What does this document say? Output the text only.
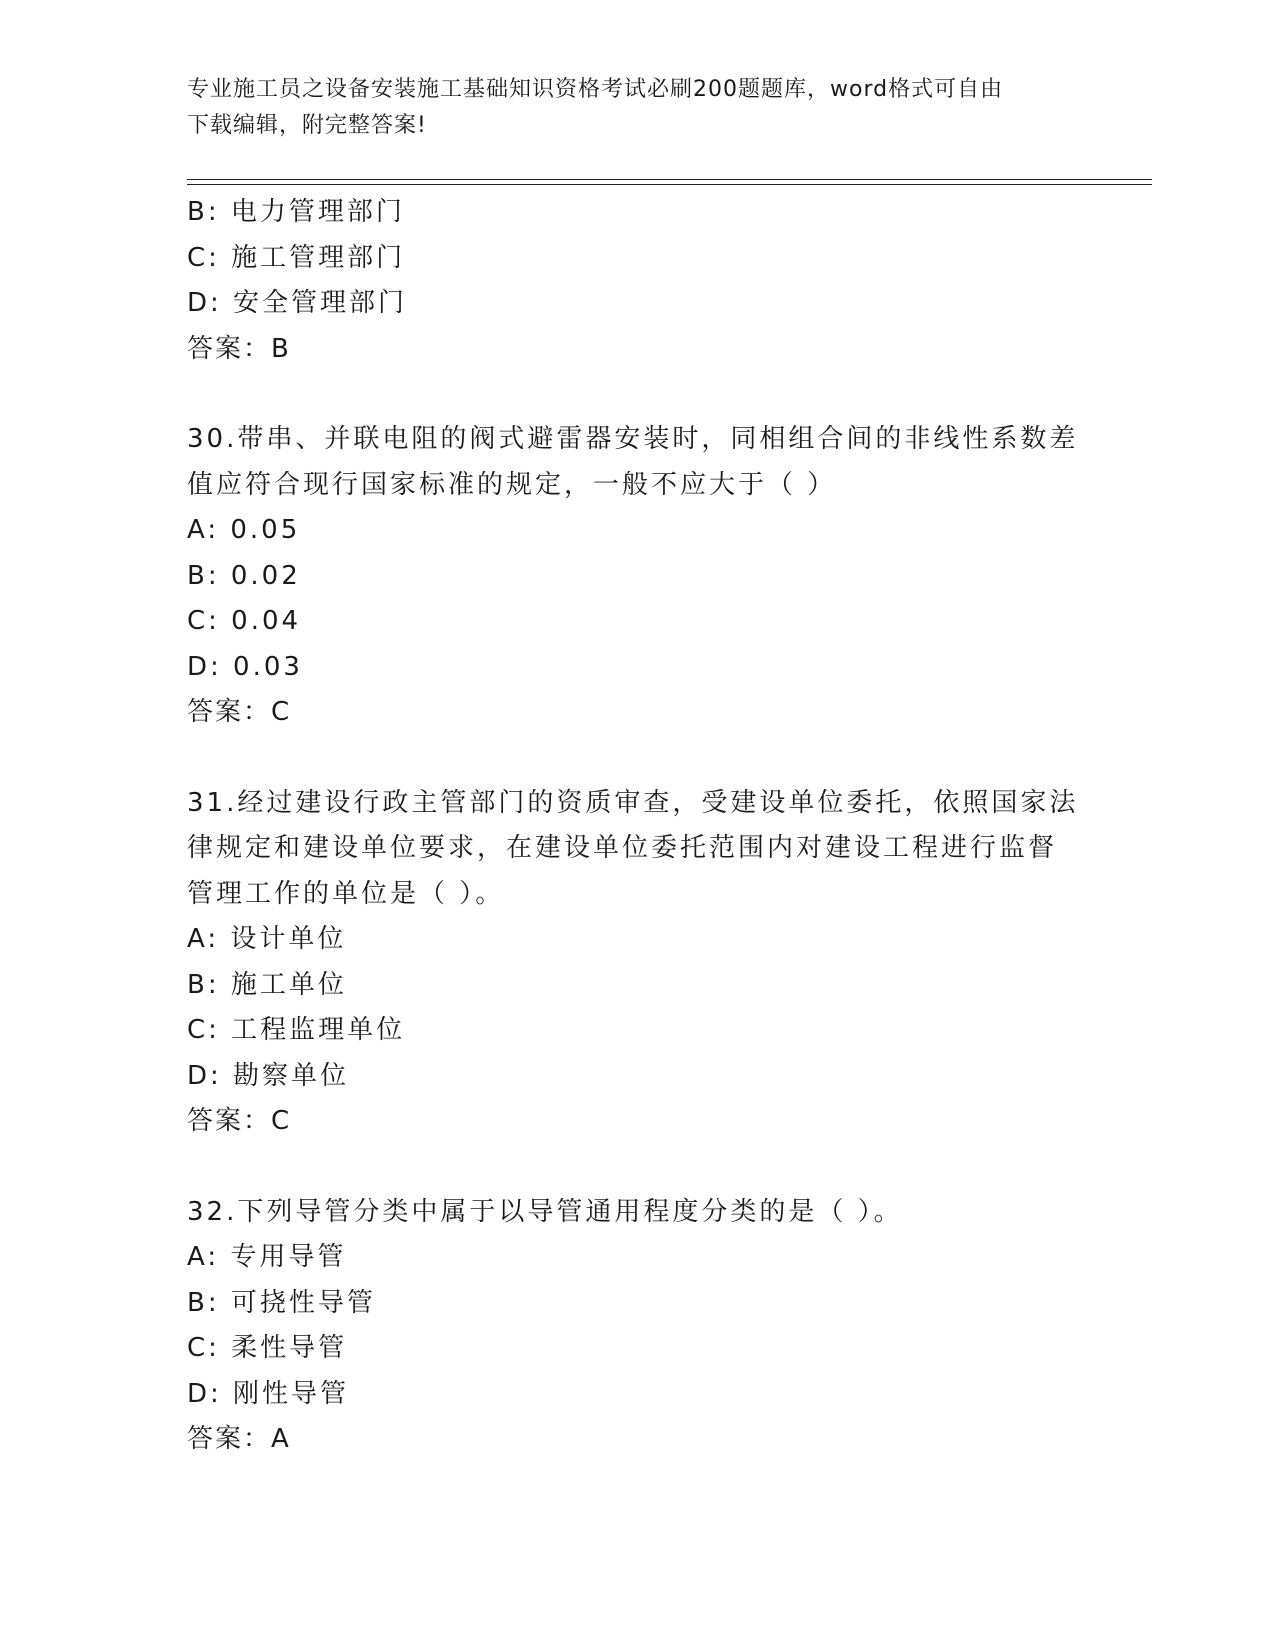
专业施工员之设备安装施工基础知识资格考试必刷200题题库，word格式可自由
下载编辑，附完整答案!
B: 电力管理部门
C: 施工管理部门
D: 安全管理部门
答案：B
30.带串、并联电阻的阀式避雷器安装时，同相组合间的非线性系数差
值应符合现行国家标准的规定，一般不应大于（ ）
A: 0.05
B: 0.02
C: 0.04
D: 0.03
答案：C
31.经过建设行政主管部门的资质审查，受建设单位委托，依照国家法
律规定和建设单位要求，在建设单位委托范围内对建设工程进行监督
管理工作的单位是（ ）。
A: 设计单位
B: 施工单位
C: 工程监理单位
D: 勘察单位
答案：C
32.下列导管分类中属于以导管通用程度分类的是（ ）。
A: 专用导管
B: 可挠性导管
C: 柔性导管
D: 刚性导管
答案：A
